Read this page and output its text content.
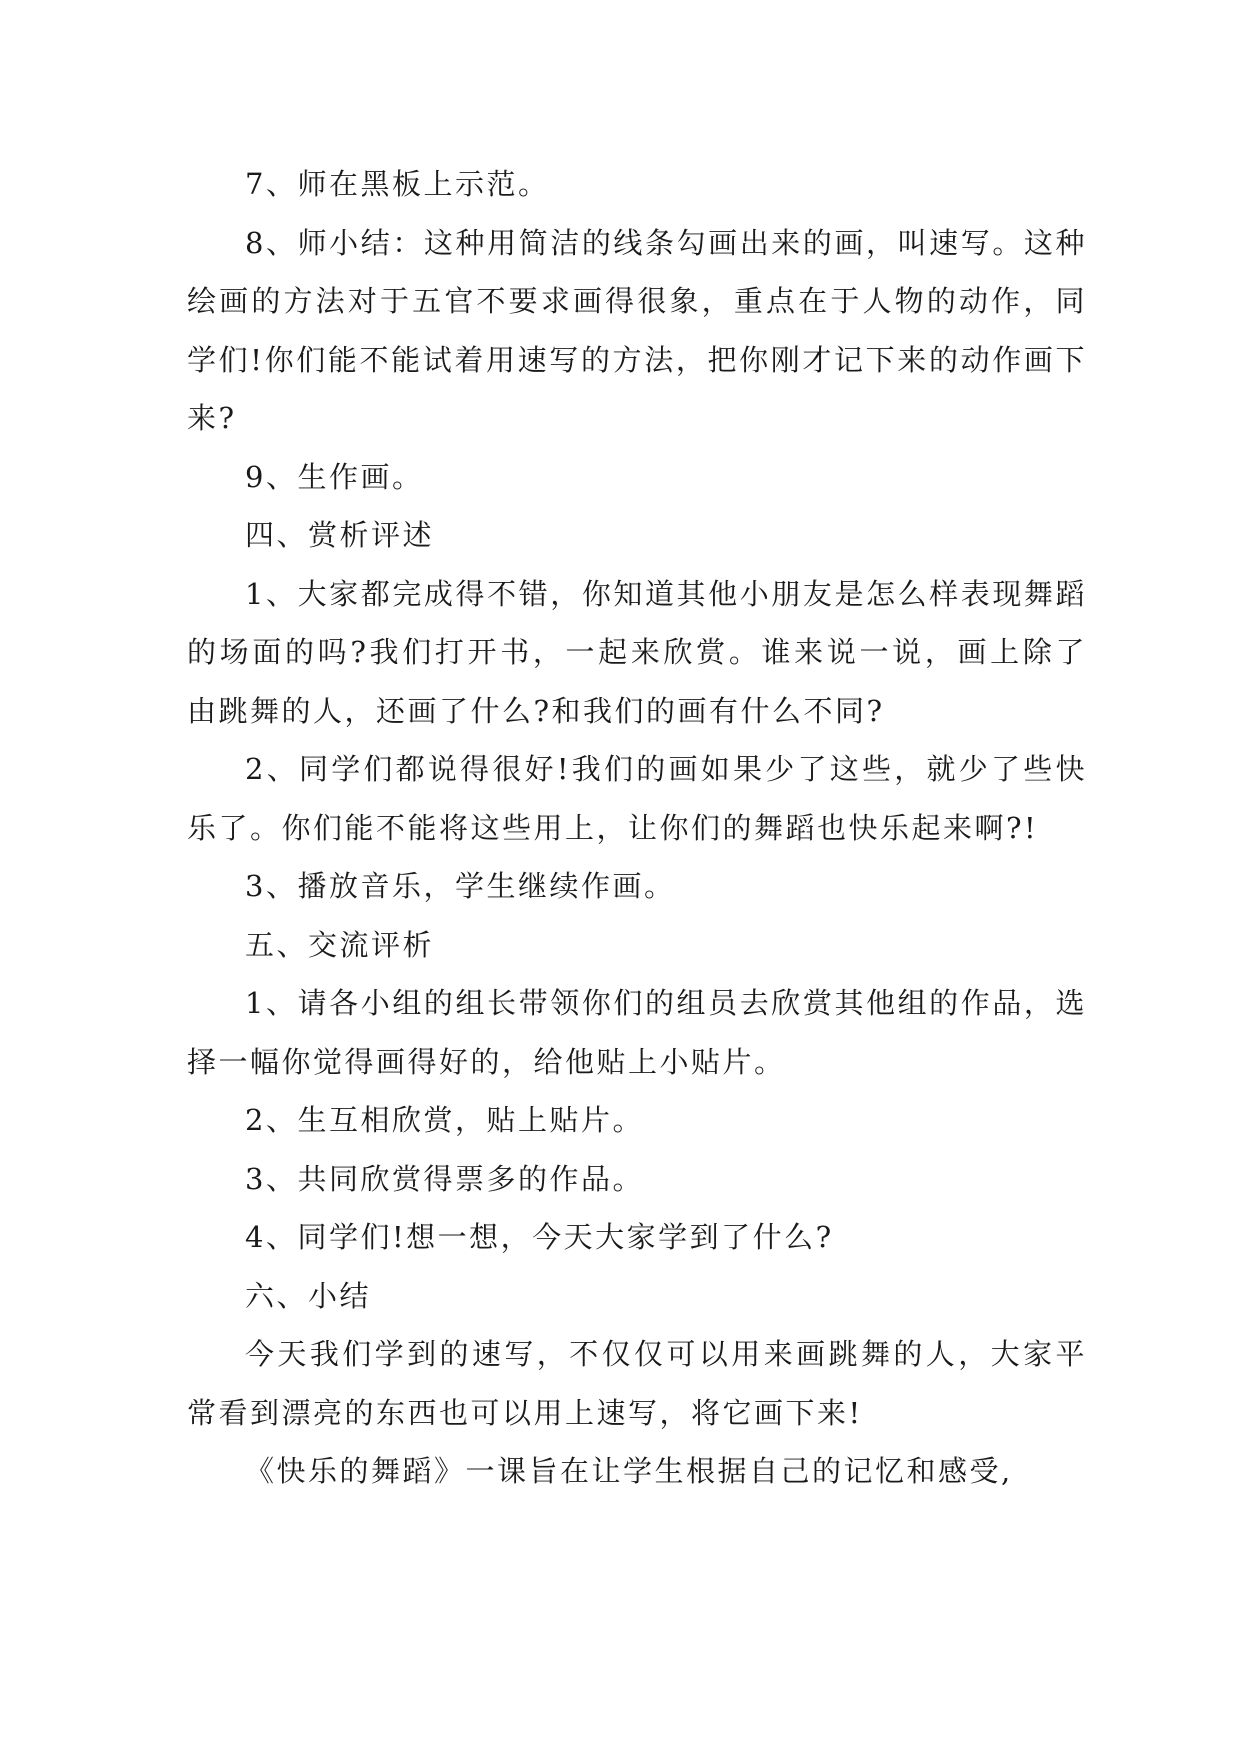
7、师在黑板上示范。

8、师小结：这种用简洁的线条勾画出来的画，叫速写。这种绘画的方法对于五官不要求画得很象，重点在于人物的动作，同学们!你们能不能试着用速写的方法，把你刚才记下来的动作画下来?

9、生作画。

四、赏析评述

1、大家都完成得不错，你知道其他小朋友是怎么样表现舞蹈的场面的吗?我们打开书，一起来欣赏。谁来说一说，画上除了由跳舞的人，还画了什么?和我们的画有什么不同?

2、同学们都说得很好!我们的画如果少了这些，就少了些快乐了。你们能不能将这些用上，让你们的舞蹈也快乐起来啊?!

3、播放音乐，学生继续作画。

五、交流评析

1、请各小组的组长带领你们的组员去欣赏其他组的作品，选择一幅你觉得画得好的，给他贴上小贴片。

2、生互相欣赏，贴上贴片。

3、共同欣赏得票多的作品。

4、同学们!想一想，今天大家学到了什么?

六、小结

今天我们学到的速写，不仅仅可以用来画跳舞的人，大家平常看到漂亮的东西也可以用上速写，将它画下来!

《快乐的舞蹈》一课旨在让学生根据自己的记忆和感受,
